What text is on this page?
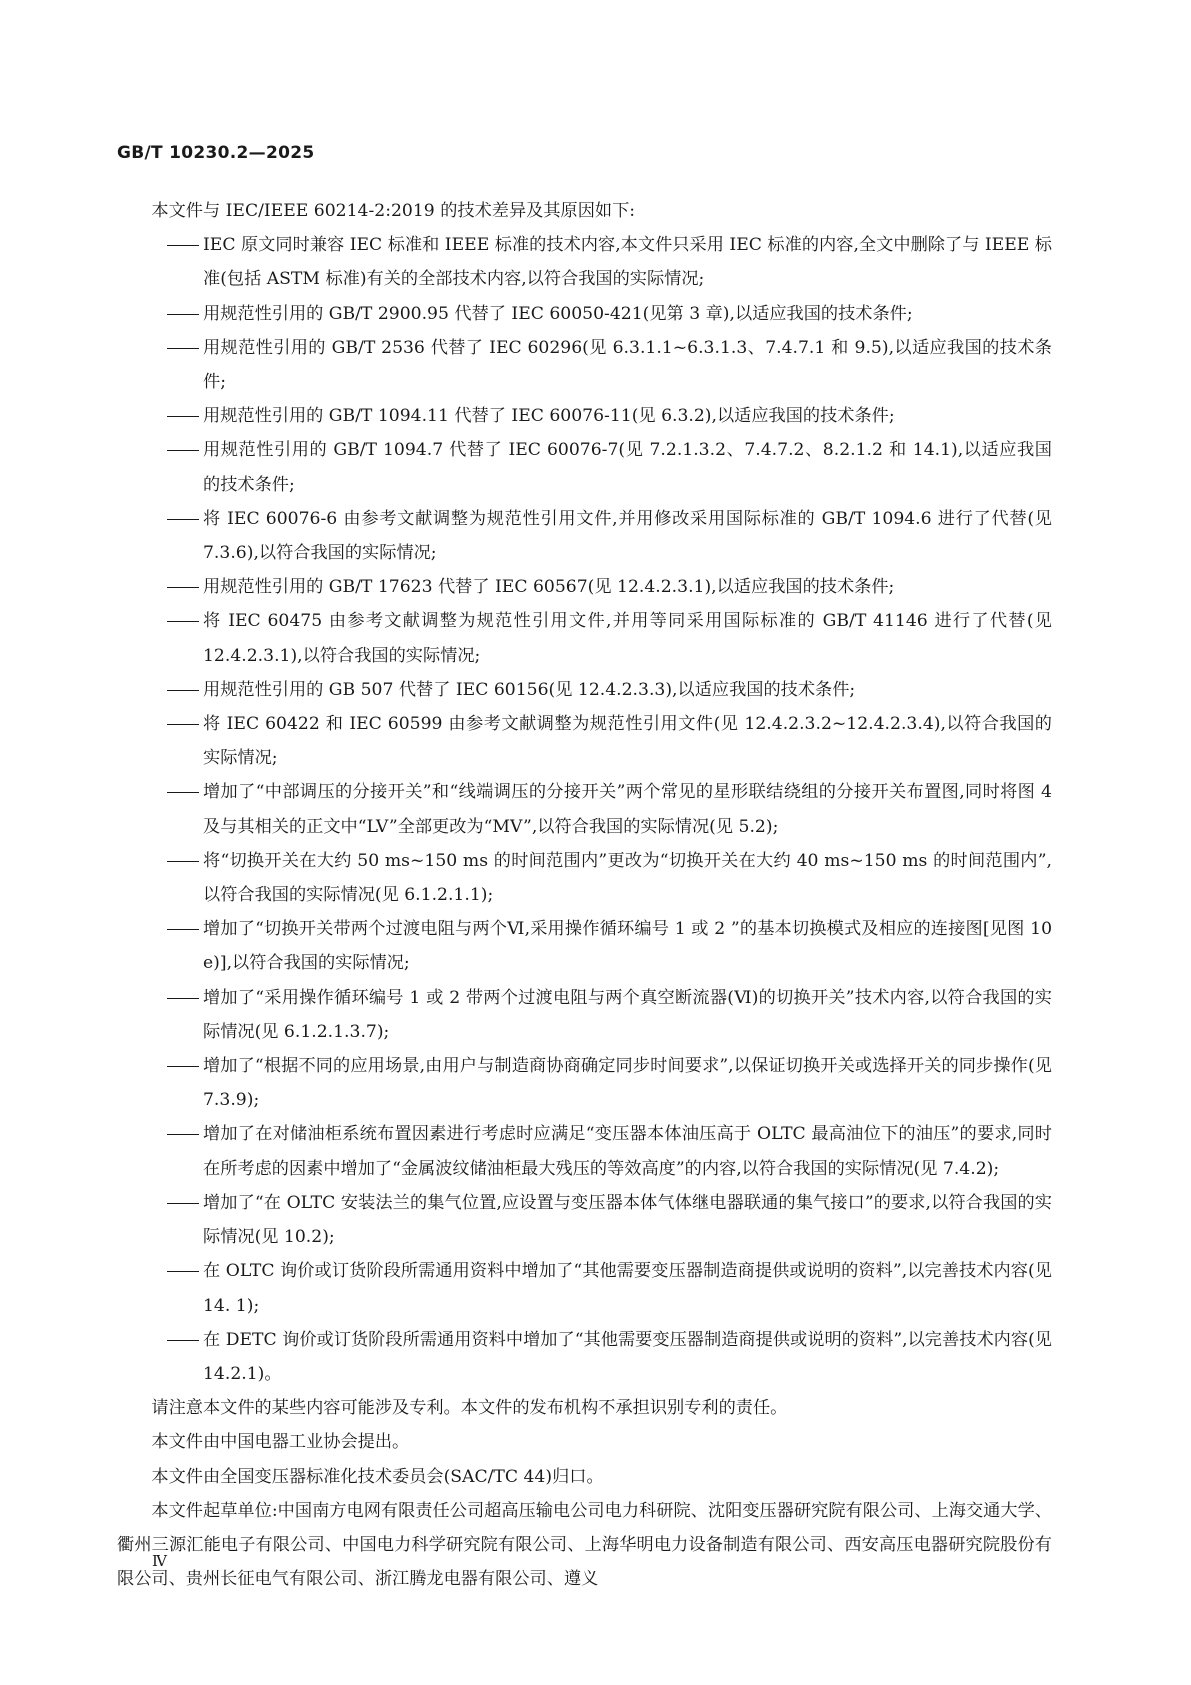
GB/T 10230.2—2025

本文件与 IEC/IEEE 60214-2:2019 的技术差异及其原因如下:

IEC 原文同时兼容 IEC 标准和 IEEE 标准的技术内容,本文件只采用 IEC 标准的内容,全文中删除了与 IEEE 标准(包括 ASTM 标准)有关的全部技术内容,以符合我国的实际情况;
用规范性引用的 GB/T 2900.95 代替了 IEC 60050-421(见第 3 章),以适应我国的技术条件;
用规范性引用的 GB/T 2536 代替了 IEC 60296(见 6.3.1.1~6.3.1.3、7.4.7.1 和 9.5),以适应我国的技术条件;
用规范性引用的 GB/T 1094.11 代替了 IEC 60076-11(见 6.3.2),以适应我国的技术条件;
用规范性引用的 GB/T 1094.7 代替了 IEC 60076-7(见 7.2.1.3.2、7.4.7.2、8.2.1.2 和 14.1),以适应我国的技术条件;
将 IEC 60076-6 由参考文献调整为规范性引用文件,并用修改采用国际标准的 GB/T 1094.6 进行了代替(见 7.3.6),以符合我国的实际情况;
用规范性引用的 GB/T 17623 代替了 IEC 60567(见 12.4.2.3.1),以适应我国的技术条件;
将 IEC 60475 由参考文献调整为规范性引用文件,并用等同采用国际标准的 GB/T 41146 进行了代替(见 12.4.2.3.1),以符合我国的实际情况;
用规范性引用的 GB 507 代替了 IEC 60156(见 12.4.2.3.3),以适应我国的技术条件;
将 IEC 60422 和 IEC 60599 由参考文献调整为规范性引用文件(见 12.4.2.3.2~12.4.2.3.4),以符合我国的实际情况;
增加了“中部调压的分接开关”和“线端调压的分接开关”两个常见的星形联结绕组的分接开关布置图,同时将图 4 及与其相关的正文中“LV”全部更改为“MV”,以符合我国的实际情况(见 5.2);
将“切换开关在大约 50 ms~150 ms 的时间范围内”更改为“切换开关在大约 40 ms~150 ms 的时间范围内”,以符合我国的实际情况(见 6.1.2.1.1);
增加了“切换开关带两个过渡电阻与两个Ⅵ,采用操作循环编号 1 或 2 ”的基本切换模式及相应的连接图[见图 10 e)],以符合我国的实际情况;
增加了“采用操作循环编号 1 或 2 带两个过渡电阻与两个真空断流器(Ⅵ)的切换开关”技术内容,以符合我国的实际情况(见 6.1.2.1.3.7);
增加了“根据不同的应用场景,由用户与制造商协商确定同步时间要求”,以保证切换开关或选择开关的同步操作(见 7.3.9);
增加了在对储油柜系统布置因素进行考虑时应满足“变压器本体油压高于 OLTC 最高油位下的油压”的要求,同时在所考虑的因素中增加了“金属波纹储油柜最大残压的等效高度”的内容,以符合我国的实际情况(见 7.4.2);
增加了“在 OLTC 安装法兰的集气位置,应设置与变压器本体气体继电器联通的集气接口”的要求,以符合我国的实际情况(见 10.2);
在 OLTC 询价或订货阶段所需通用资料中增加了“其他需要变压器制造商提供或说明的资料”,以完善技术内容(见 14. 1);
在 DETC 询价或订货阶段所需通用资料中增加了“其他需要变压器制造商提供或说明的资料”,以完善技术内容(见 14.2.1)。

请注意本文件的某些内容可能涉及专利。本文件的发布机构不承担识别专利的责任。

本文件由中国电器工业协会提出。

本文件由全国变压器标准化技术委员会(SAC/TC 44)归口。

本文件起草单位:中国南方电网有限责任公司超高压输电公司电力科研院、沈阳变压器研究院有限公司、上海交通大学、衢州三源汇能电子有限公司、中国电力科学研究院有限公司、上海华明电力设备制造有限公司、西安高压电器研究院股份有限公司、贵州长征电气有限公司、浙江腾龙电器有限公司、遵义

Ⅳ
